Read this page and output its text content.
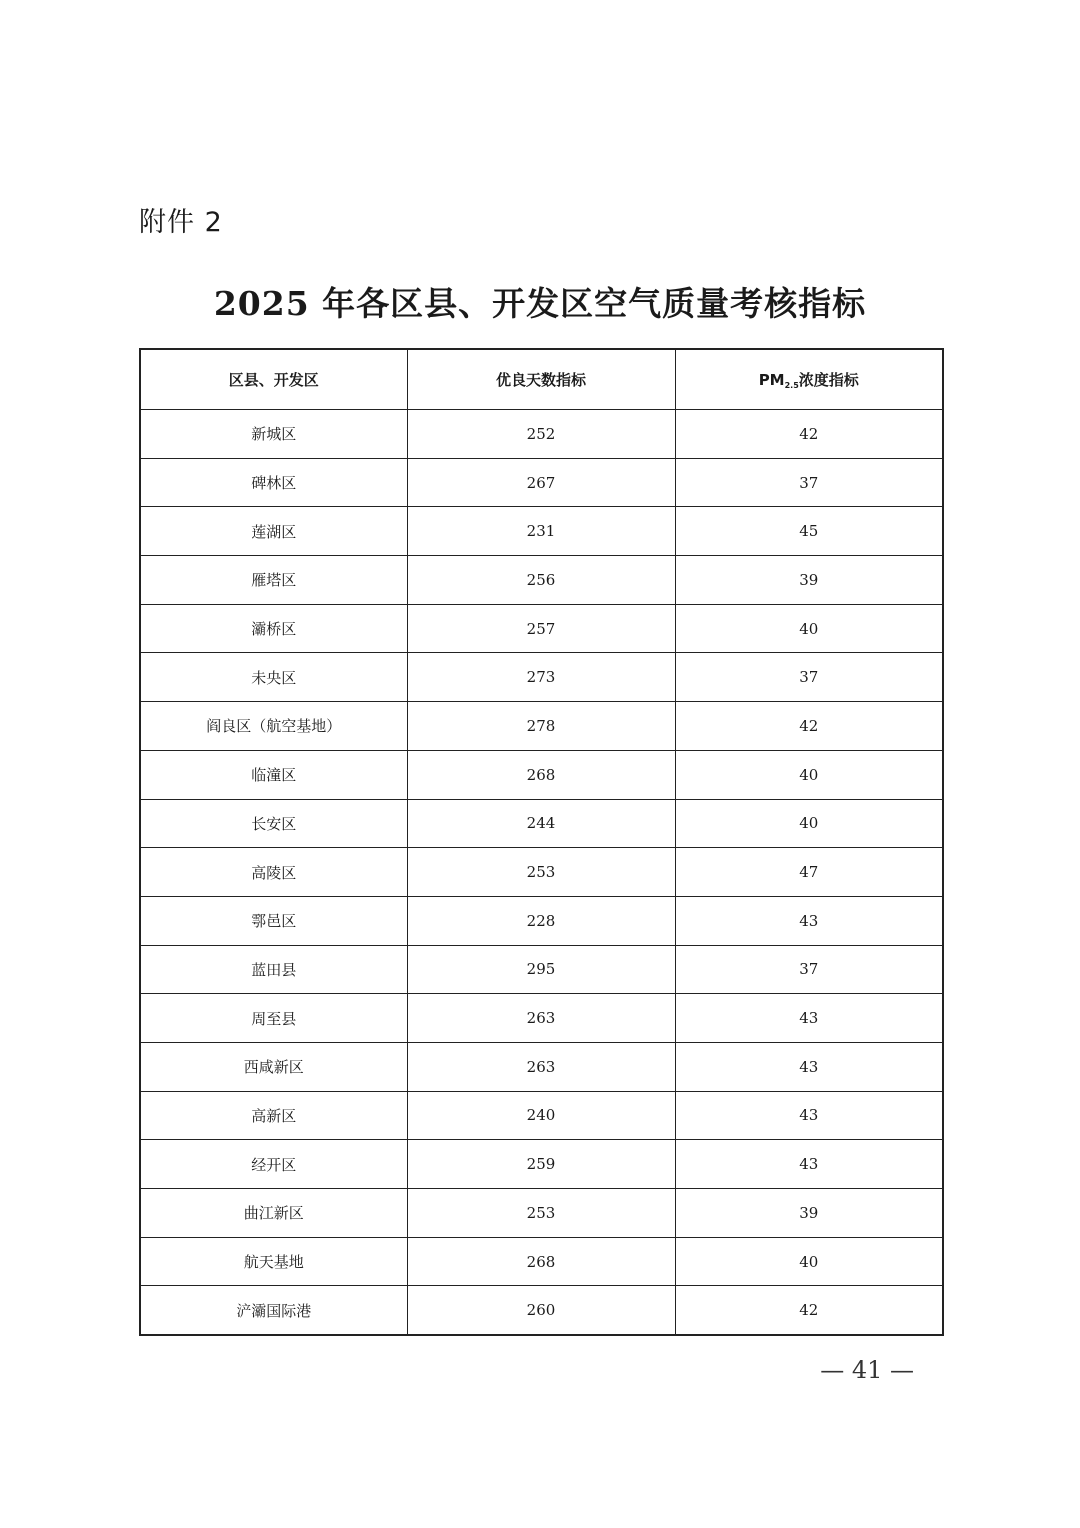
附件 2
2025 年各区县、开发区空气质量考核指标
区县、开发区	优良天数指标	$PM_{2.5}$浓度指标
新城区	252	42
碑林区	267	37
莲湖区	231	45
雁塔区	256	39
灞桥区	257	40
未央区	273	37
阎良区（航空基地）	278	42
临潼区	268	40
长安区	244	40
高陵区	253	47
鄠邑区	228	43
蓝田县	295	37
周至县	263	43
西咸新区	263	43
高新区	240	43
经开区	259	43
曲江新区	253	39
航天基地	268	40
浐灞国际港	260	42
— 41 —
